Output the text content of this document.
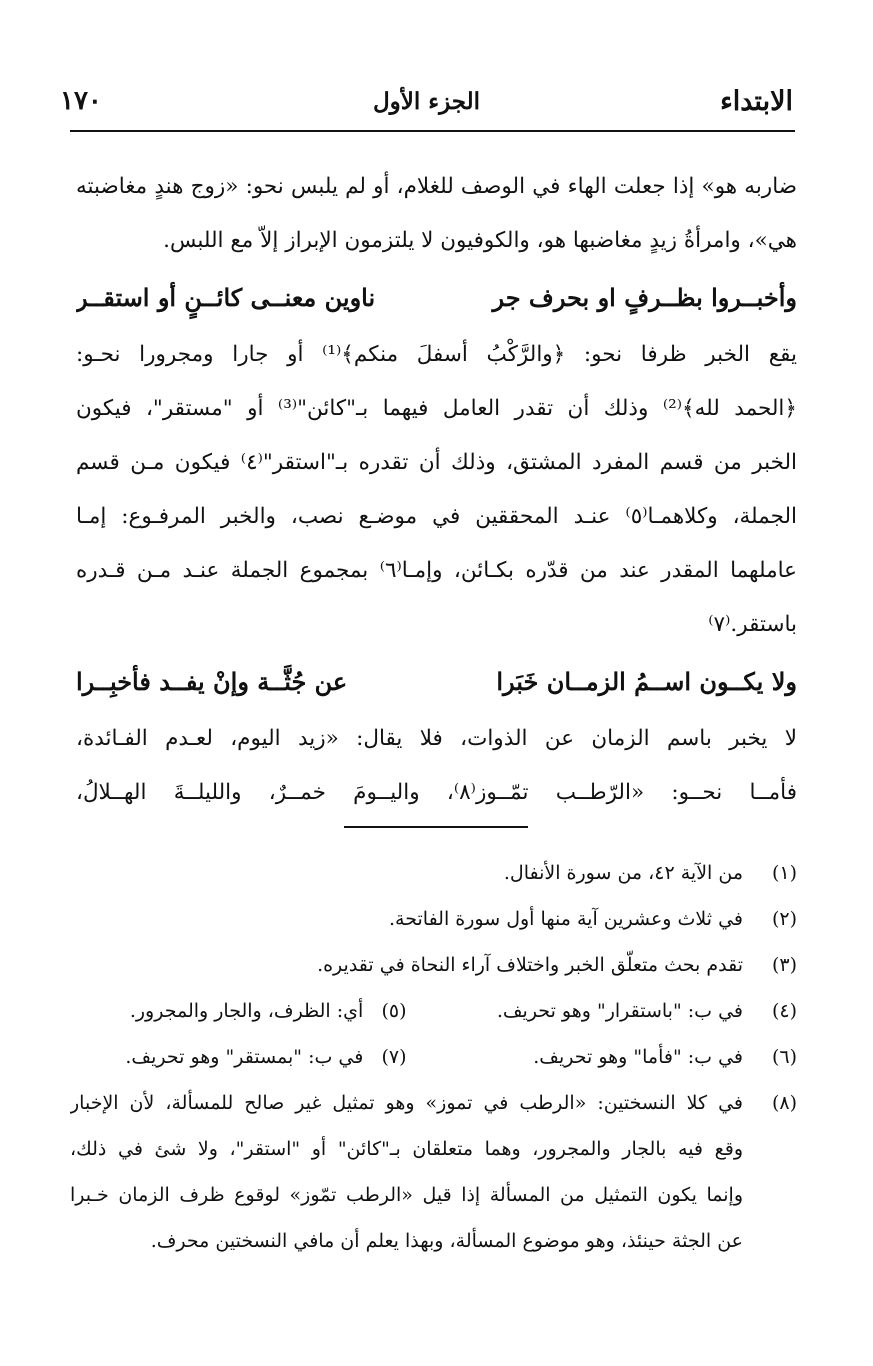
الابتداء
الجزء الأول
١٧٠
ضاربه هو» إذا جعلت الهاء في الوصف للغلام، أو لم يلبس نحو: «زوج هندٍ مغاضبته
هي»، وامرأةُ زيدٍ مغاضبها هو، والكوفيون لا يلتزمون الإبراز إلاّ مع اللبس.
وأخبــروا بظــرفٍ او بحرف جر
ناوين معنــى كائــنٍ أو استقــر
يقع الخبر ظرفا نحو: ﴿والرَّكْبُ أسفلَ منكم﴾⁽¹⁾ أو جارا ومجرورا نحـو:
﴿الحمد لله﴾⁽²⁾ وذلك أن تقدر العامل فيهما بـ"كائن"⁽³⁾ أو "مستقر"، فيكون
الخبر من قسم المفرد المشتق، وذلك أن تقدره بـ"استقر"⁽٤⁾ فيكون مـن قسم
الجملة، وكلاهمـا⁽٥⁾ عنـد المحققين في موضـع نصب، والخبر المرفـوع: إمـا
عاملهما المقدر عند من قدّره بكـائن، وإمـا⁽٦⁾ بمجموع الجملة عنـد مـن قـدره
باستقر.⁽٧⁾
ولا يكــون اســمُ الزمــان خَبَرا
عن جُثَّــة وإنْ يفــد فأخبِــرا
لا يخبر باسم الزمان عن الذوات، فلا يقال: «زيد اليوم، لعـدم الفـائدة،
فأمــا نحــو: «الرّطــب تمّــوز⁽٨⁾، واليــومَ خمــرٌ، والليلــةَ الهــلالُ،
(١)
من الآية ٤٢، من سورة الأنفال.
(٢)
في ثلاث وعشرين آية منها أول سورة الفاتحة.
(٣)
تقدم بحث متعلّق الخبر واختلاف آراء النحاة في تقديره.
(٤)
في ب: "باستقرار" وهو تحريف.(٥)   أي: الظرف، والجار والمجرور.
(٦)
في ب: "فأما" وهو تحريف.(٧)   في ب: "بمستقر" وهو تحريف.
(٨)
في كلا النسختين: «الرطب في تموز» وهو تمثيل غير صالح للمسألة، لأن الإخبار
وقع فيه بالجار والمجرور، وهما متعلقان بـ"كائن" أو "استقر"، ولا شئ في ذلك،
وإنما يكون التمثيل من المسألة إذا قيل «الرطب تمّوز» لوقوع ظرف الزمان خـبرا
عن الجثة حينئذ، وهو موضوع المسألة، وبهذا يعلم أن مافي النسختين محرف.
